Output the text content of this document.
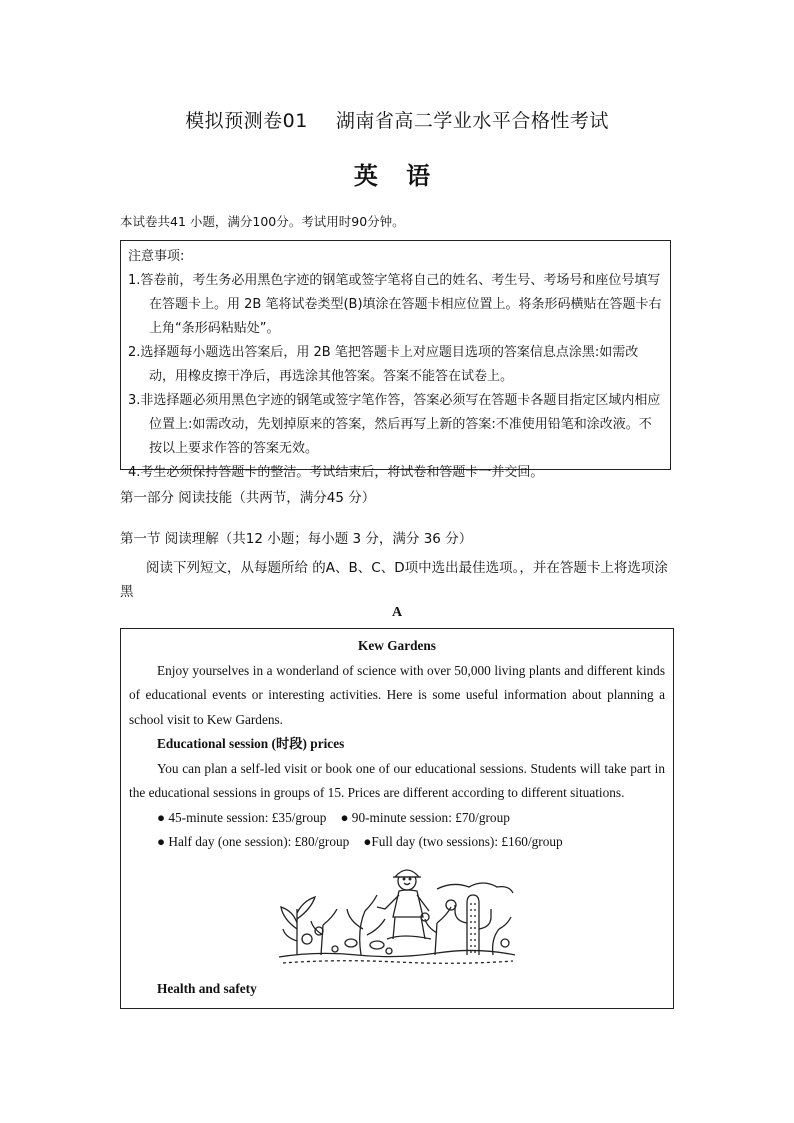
模拟预测卷01 湖南省高二学业水平合格性考试
英 语
本试卷共41 小题，满分100分。考试用时90分钟。
注意事项:
1.答卷前，考生务必用黑色字迹的钢笔或签字笔将自己的姓名、考生号、考场号和座位号填写在答题卡上。用 2B 笔将试卷类型(B)填涂在答题卡相应位置上。将条形码横贴在答题卡右上角“条形码粘贴处”。
2.选择题每小题选出答案后，用 2B 笔把答题卡上对应题目选项的答案信息点涂黑:如需改动，用橡皮擦干净后，再选涂其他答案。答案不能答在试卷上。
3.非选择题必须用黑色字迹的钢笔或签字笔作答，答案必须写在答题卡各题目指定区域内相应位置上:如需改动，先划掉原来的答案，然后再写上新的答案:不准使用铅笔和涂改液。不按以上要求作答的答案无效。
4.考生必须保持答题卡的整洁。考试结束后，将试卷和答题卡一并交回。
第一部分 阅读技能（共两节，满分45 分）
第一节 阅读理解（共12 小题；每小题 3 分，满分 36 分）
阅读下列短文，从每题所给 的A、B、C、D项中选出最佳选项。，并在答题卡上将选项涂黑
A
Kew Gardens
Enjoy yourselves in a wonderland of science with over 50,000 living plants and different kinds of educational events or interesting activities. Here is some useful information about planning a school visit to Kew Gardens.
Educational session (时段) prices
You can plan a self-led visit or book one of our educational sessions. Students will take part in the educational sessions in groups of 15. Prices are different according to different situations.
● 45-minute session: £35/group ● 90-minute session: £70/group
● Half day (one session): £80/group ●Full day (two sessions): £160/group
Health and safety
